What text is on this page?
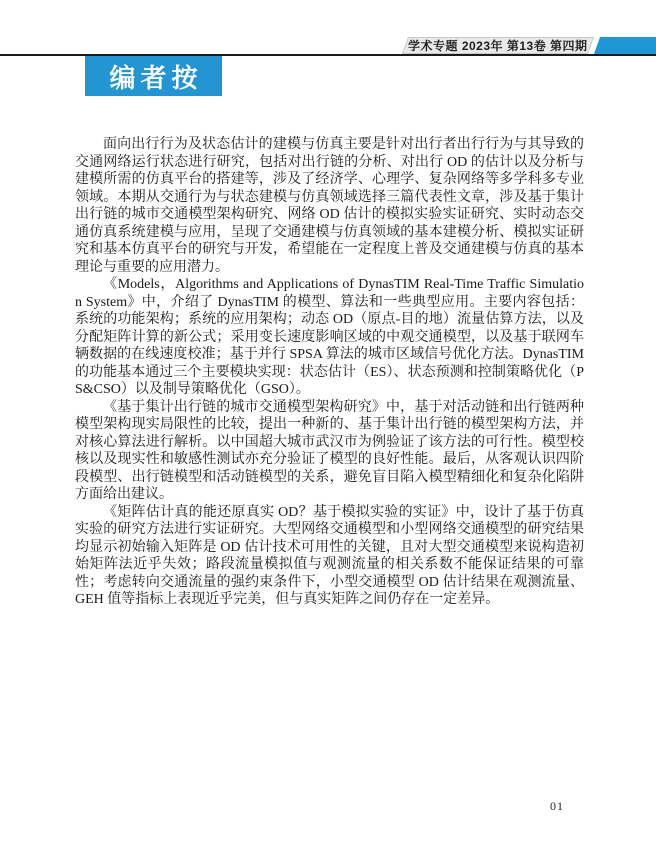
学术专题 2023年 第13卷 第四期
编者按

面向出行行为及状态估计的建模与仿真主要是针对出行者出行行为与其导致的交通网络运行状态进行研究，包括对出行链的分析、对出行 OD 的估计以及分析与建模所需的仿真平台的搭建等，涉及了经济学、心理学、复杂网络等多学科多专业领域。本期从交通行为与状态建模与仿真领域选择三篇代表性文章，涉及基于集计出行链的城市交通模型架构研究、网络 OD 估计的模拟实验实证研究、实时动态交通仿真系统建模与应用，呈现了交通建模与仿真领域的基本建模分析、模拟实证研究和基本仿真平台的研究与开发，希望能在一定程度上普及交通建模与仿真的基本理论与重要的应用潜力。

《Models，Algorithms and Applications of DynasTIM Real-Time Traffic Simulation System》中，介绍了 DynasTIM 的模型、算法和一些典型应用。主要内容包括：系统的功能架构；系统的应用架构；动态 OD（原点-目的地）流量估算方法，以及分配矩阵计算的新公式；采用变长速度影响区域的中观交通模型，以及基于联网车辆数据的在线速度校准；基于并行 SPSA 算法的城市区域信号优化方法。DynasTIM 的功能基本通过三个主要模块实现：状态估计（ES）、状态预测和控制策略优化（PS&CSO）以及制导策略优化（GSO）。

《基于集计出行链的城市交通模型架构研究》中，基于对活动链和出行链两种模型架构现实局限性的比较，提出一种新的、基于集计出行链的模型架构方法，并对核心算法进行解析。以中国超大城市武汉市为例验证了该方法的可行性。模型校核以及现实性和敏感性测试亦充分验证了模型的良好性能。最后，从客观认识四阶段模型、出行链模型和活动链模型的关系，避免盲目陷入模型精细化和复杂化陷阱方面给出建议。

《矩阵估计真的能还原真实 OD？基于模拟实验的实证》中，设计了基于仿真实验的研究方法进行实证研究。大型网络交通模型和小型网络交通模型的研究结果均显示初始输入矩阵是 OD 估计技术可用性的关键，且对大型交通模型来说构造初始矩阵法近乎失效；路段流量模拟值与观测流量的相关系数不能保证结果的可靠性；考虑转向交通流量的强约束条件下，小型交通模型 OD 估计结果在观测流量、GEH 值等指标上表现近乎完美，但与真实矩阵之间仍存在一定差异。

01
